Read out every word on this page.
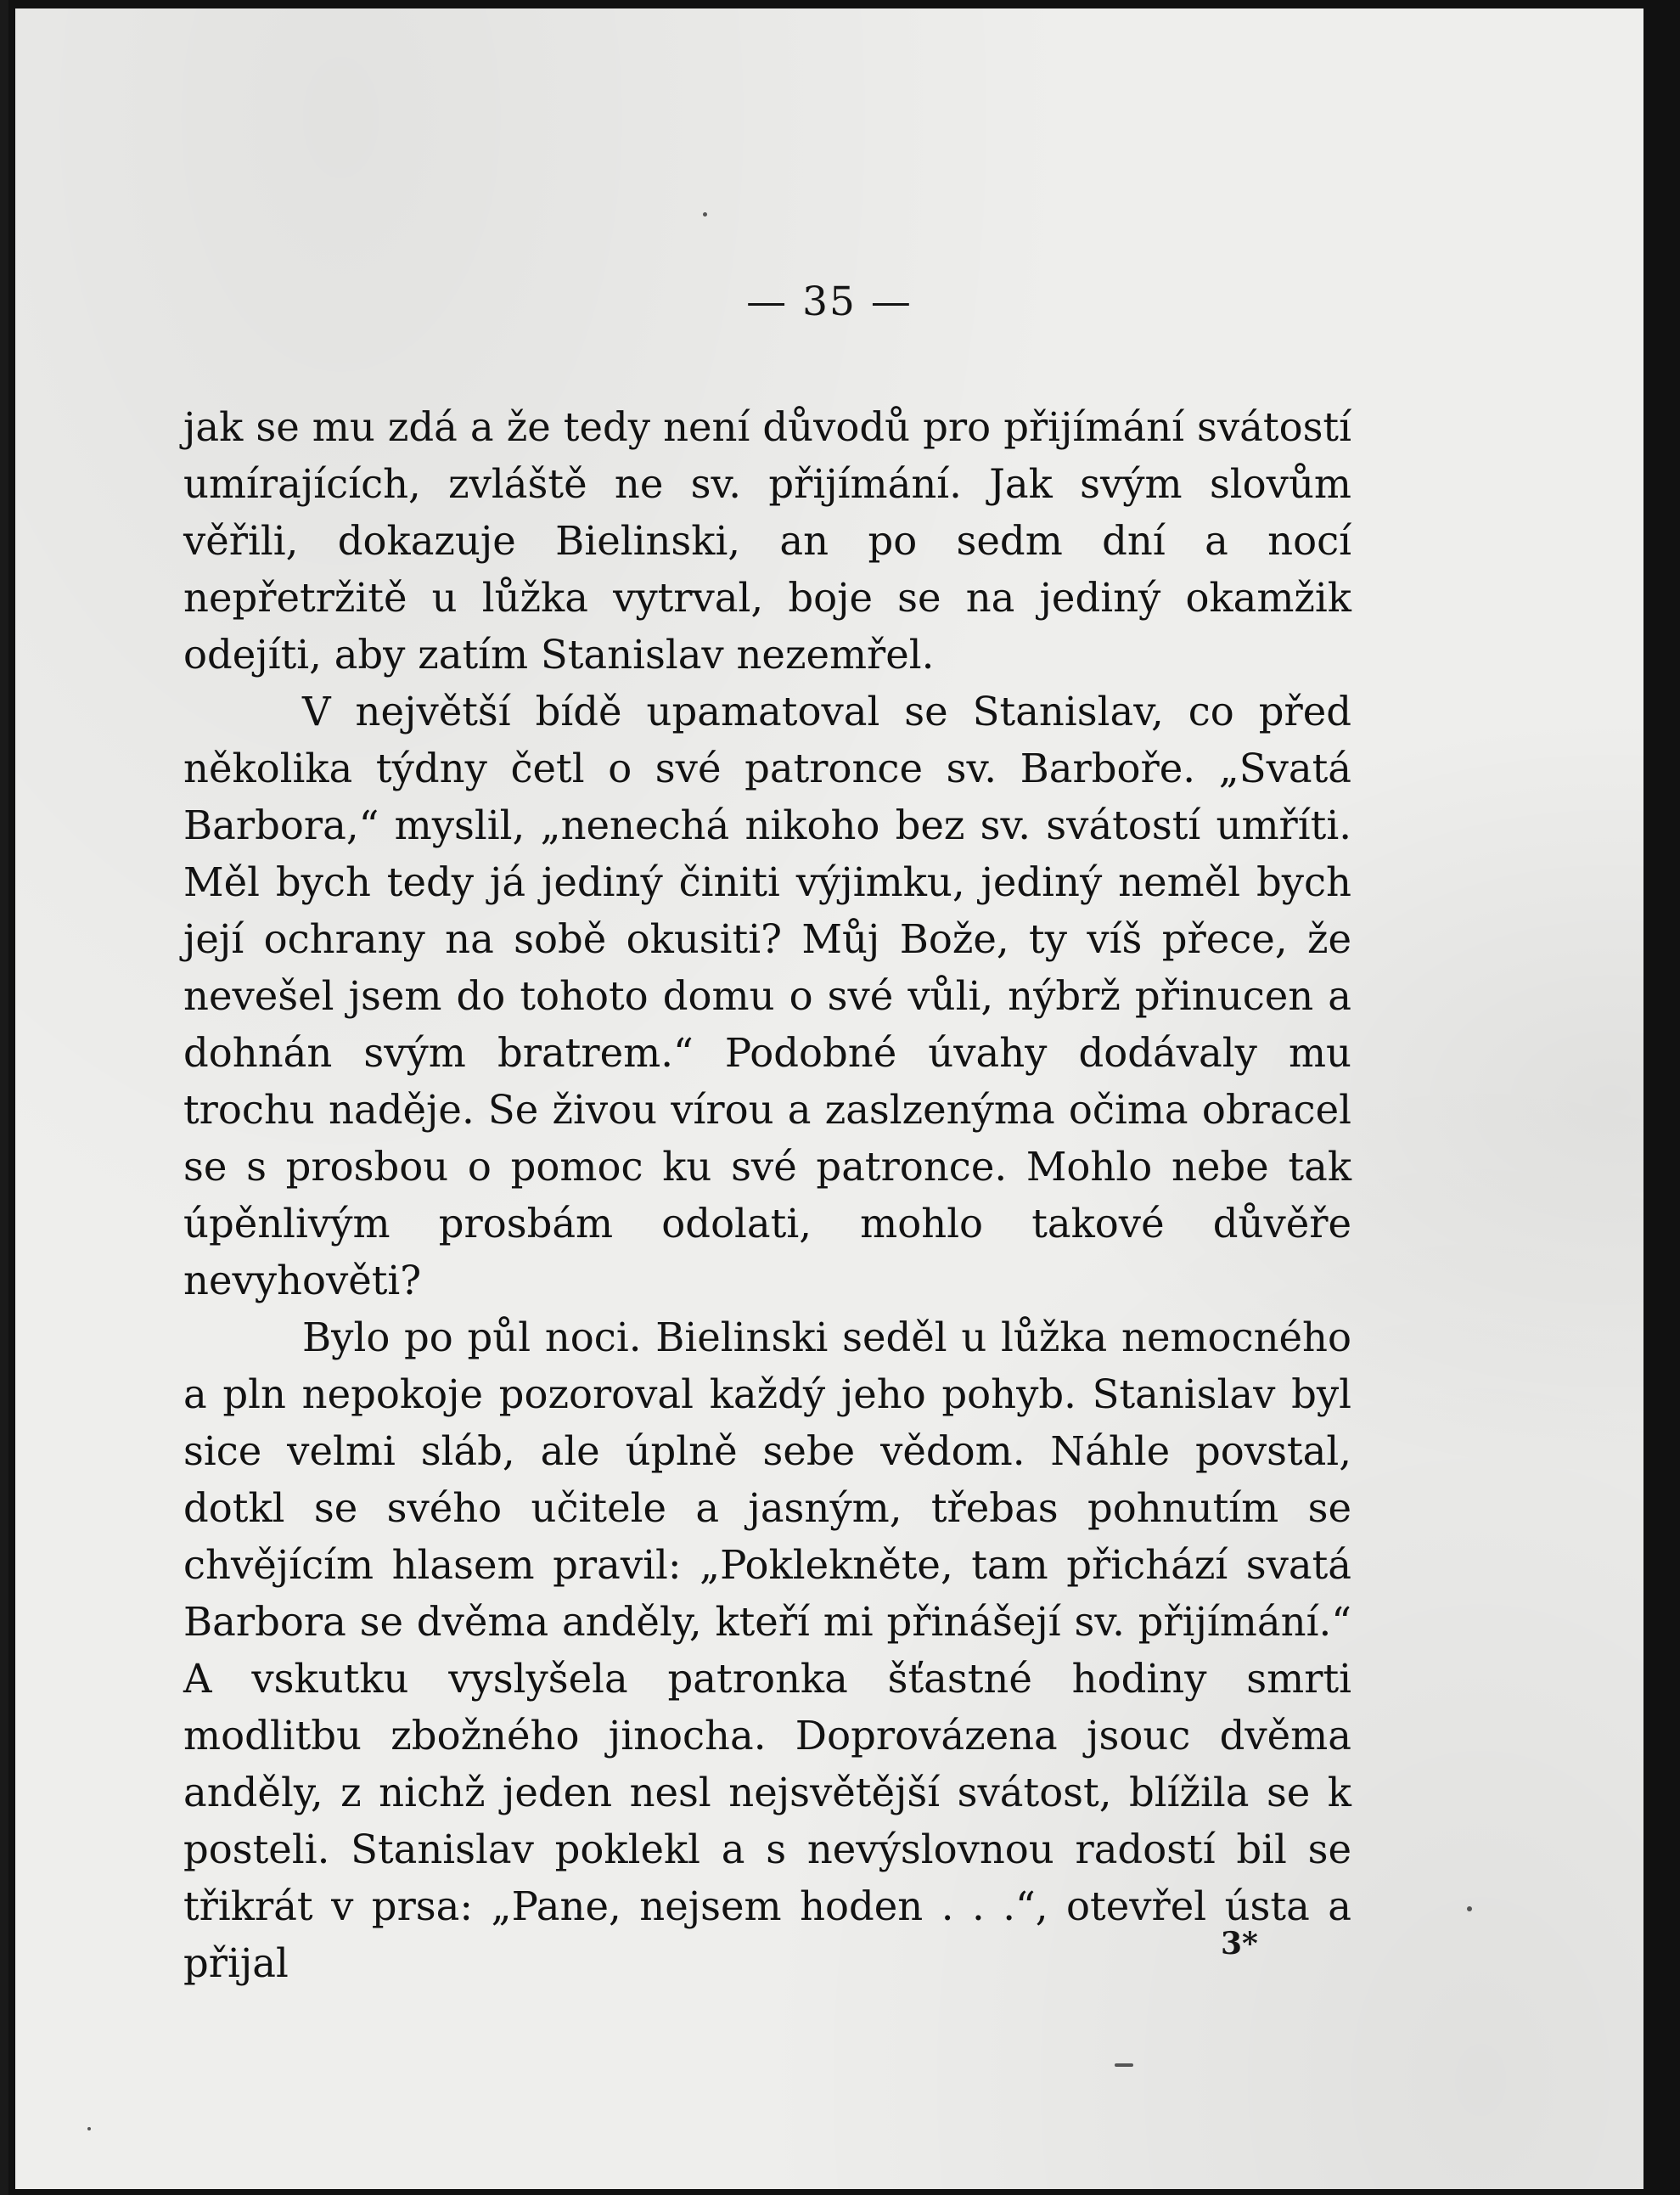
— 35 —

jak se mu zdá a že tedy není důvodů pro přijímání svátostí umírajících, zvláště ne sv. přijímání. Jak svým slovům věřili, dokazuje Bielinski, an po sedm dní a nocí nepřetržitě u lůžka vytrval, boje se na jediný okamžik odejíti, aby zatím Stanislav nezemřel.

V největší bídě upamatoval se Stanislav, co před několika týdny četl o své patronce sv. Barboře. „Svatá Barbora,“ myslil, „nenechá nikoho bez sv. svátostí umříti. Měl bych tedy já jediný činiti výjimku, jediný neměl bych její ochrany na sobě okusiti? Můj Bože, ty víš přece, že nevešel jsem do tohoto domu o své vůli, nýbrž přinucen a dohnán svým bratrem.“ Podobné úvahy dodávaly mu trochu naděje. Se živou vírou a zaslzenýma očima obracel se s prosbou o pomoc ku své patronce. Mohlo nebe tak úpěnlivým prosbám odolati, mohlo takové důvěře nevyhověti?

Bylo po půl noci. Bielinski seděl u lůžka nemocného a pln nepokoje pozoroval každý jeho pohyb. Stanislav byl sice velmi sláb, ale úplně sebe vědom. Náhle povstal, dotkl se svého učitele a jasným, třebas pohnutím se chvějícím hlasem pravil: „Poklekněte, tam přichází svatá Barbora se dvěma anděly, kteří mi přinášejí sv. přijímání.“ A vskutku vyslyšela patronka šťastné hodiny smrti modlitbu zbožného jinocha. Doprovázena jsouc dvěma anděly, z nichž jeden nesl nejsvětější svátost, blížila se k posteli. Stanislav poklekl a s nevýslovnou radostí bil se třikrát v prsa: „Pane, nejsem hoden . . .“, otevřel ústa a přijal	3*
